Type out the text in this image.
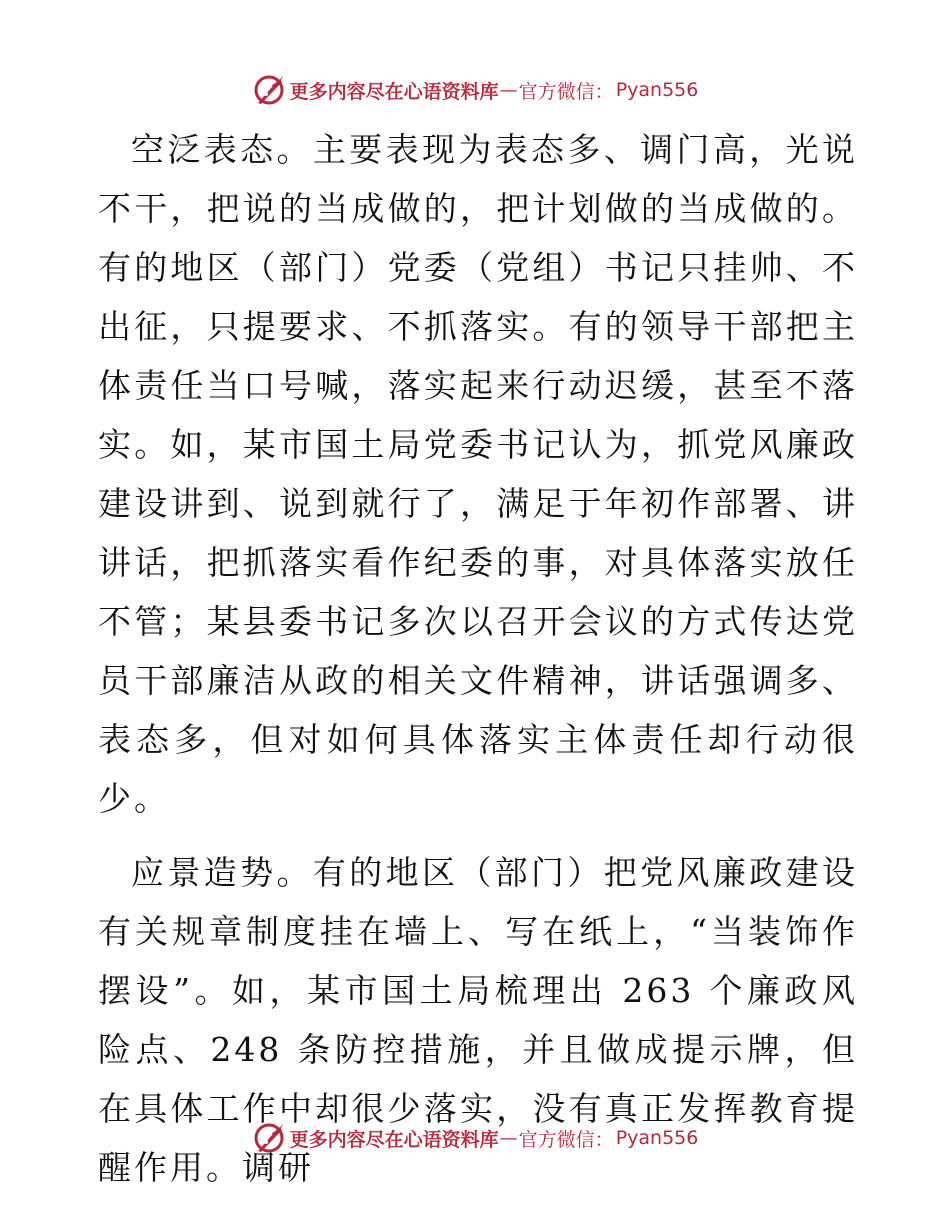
更多内容尽在心语资料库 — 官方微信： Pyan556

空泛表态。主要表现为表态多、调门高，光说不干，把说的当成做的，把计划做的当成做的。有的地区（部门）党委（党组）书记只挂帅、不出征，只提要求、不抓落实。有的领导干部把主体责任当口号喊，落实起来行动迟缓，甚至不落实。如，某市国土局党委书记认为，抓党风廉政建设讲到、说到就行了，满足于年初作部署、讲讲话，把抓落实看作纪委的事，对具体落实放任不管；某县委书记多次以召开会议的方式传达党员干部廉洁从政的相关文件精神，讲话强调多、表态多，但对如何具体落实主体责任却行动很少。

应景造势。有的地区（部门）把党风廉政建设有关规章制度挂在墙上、写在纸上，“当装饰作摆设”。如，某市国土局梳理出 263 个廉政风险点、248 条防控措施，并且做成提示牌，但在具体工作中却很少落实，没有真正发挥教育提醒作用。调研

更多内容尽在心语资料库 — 官方微信： Pyan556
